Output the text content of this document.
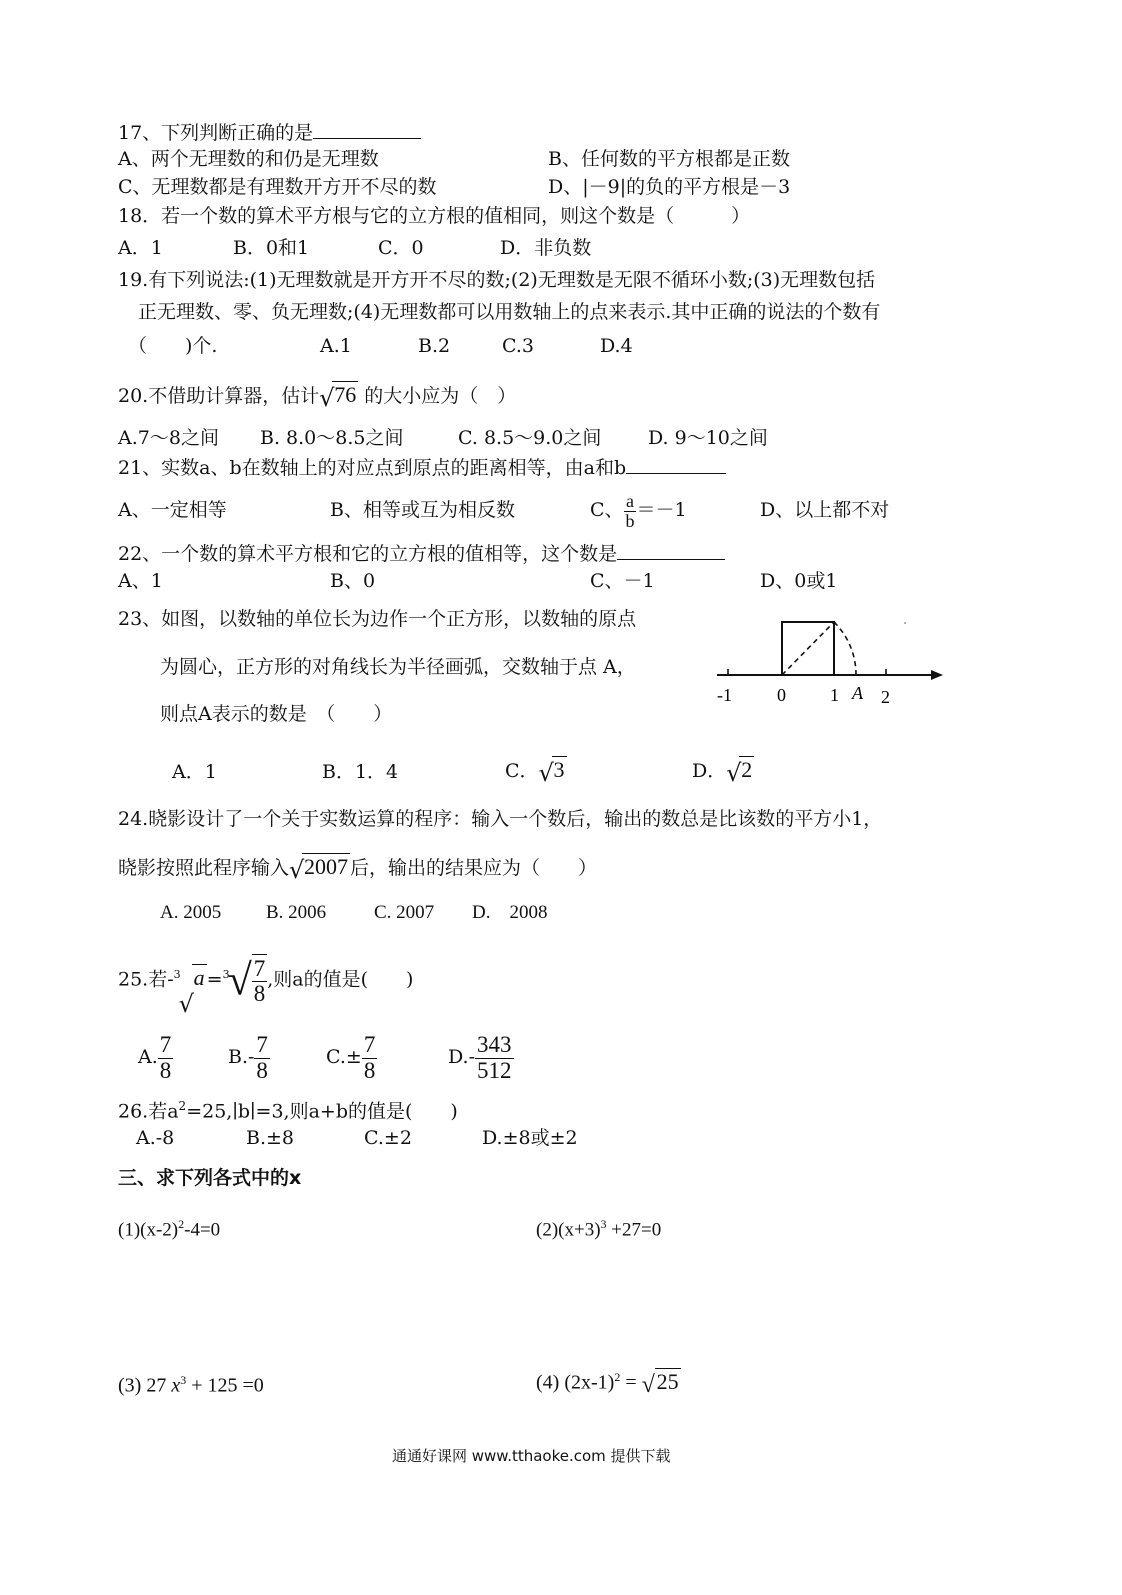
17、下列判断正确的是
A、两个无理数的和仍是无理数	B、任何数的平方根都是正数
C、无理数都是有理数开方开不尽的数	D、|－9|的负的平方根是－3
18．若一个数的算术平方根与它的立方根的值相同，则这个数是（　　　）
A．1	B．0和1	C．0	D．非负数
19.有下列说法:(1)无理数就是开方开不尽的数;(2)无理数是无限不循环小数;(3)无理数包括
正无理数、零、负无理数;(4)无理数都可以用数轴上的点来表示.其中正确的说法的个数有
（　　)个.	A.1	B.2	C.3	D.4
20.不借助计算器，估计 √ 76 的大小应为（　）
A.7～8之间 B. 8.0～8.5之间	C. 8.5～9.0之间 D. 9～10之间
21、实数a、b在数轴上的对应点到原点的距离相等，由a和b
A、一定相等	B、相等或互为相反数	C、 $\frac{a}{b} =-1$	D、以上都不对
22、一个数的算术平方根和它的立方根的值相等，这个数是
A、1	B、0	C、－1	D、0或1
23、如图，以数轴的单位长为边作一个正方形，以数轴的原点
为圆心，正方形的对角线长为半径画弧，交数轴于点 A，
则点A表示的数是　（　　）
-1	0 1 A 2
A．1	B．1．4	C． √ 3	D． √ 2
24.晓影设计了一个关于实数运算的程序：输入一个数后，输出的数总是比该数的平方小1，
晓影按照此程序输入 √ 2007 后，输出的结果应为（　　）
A. 2005 B. 2006	C. 2007 D.　2008
25.若-$^3$
√
$a =^3√ \frac{7}{8}$ ,则a的值是(　　)
A. $\frac{7}{8}$	$B.- \frac{7}{8}$	$C.\pm \frac{7}{8}$	$D.- \frac{343}{512}$
26.若$a^2=25,∣b∣=3$,则a+b的值是(　　)
A.-8	B.±8	C.±2	D.±8或±2
三、求下列各式中的x
$(1)(x-2)^2-4=0$	$(2)(x+3)^3 +27=0$
(3) 27 $x^3 + 125 =0$	(4) $(2x-1)^2$ = √ 25
通通好课网 www.tthaoke.com 提供下载
